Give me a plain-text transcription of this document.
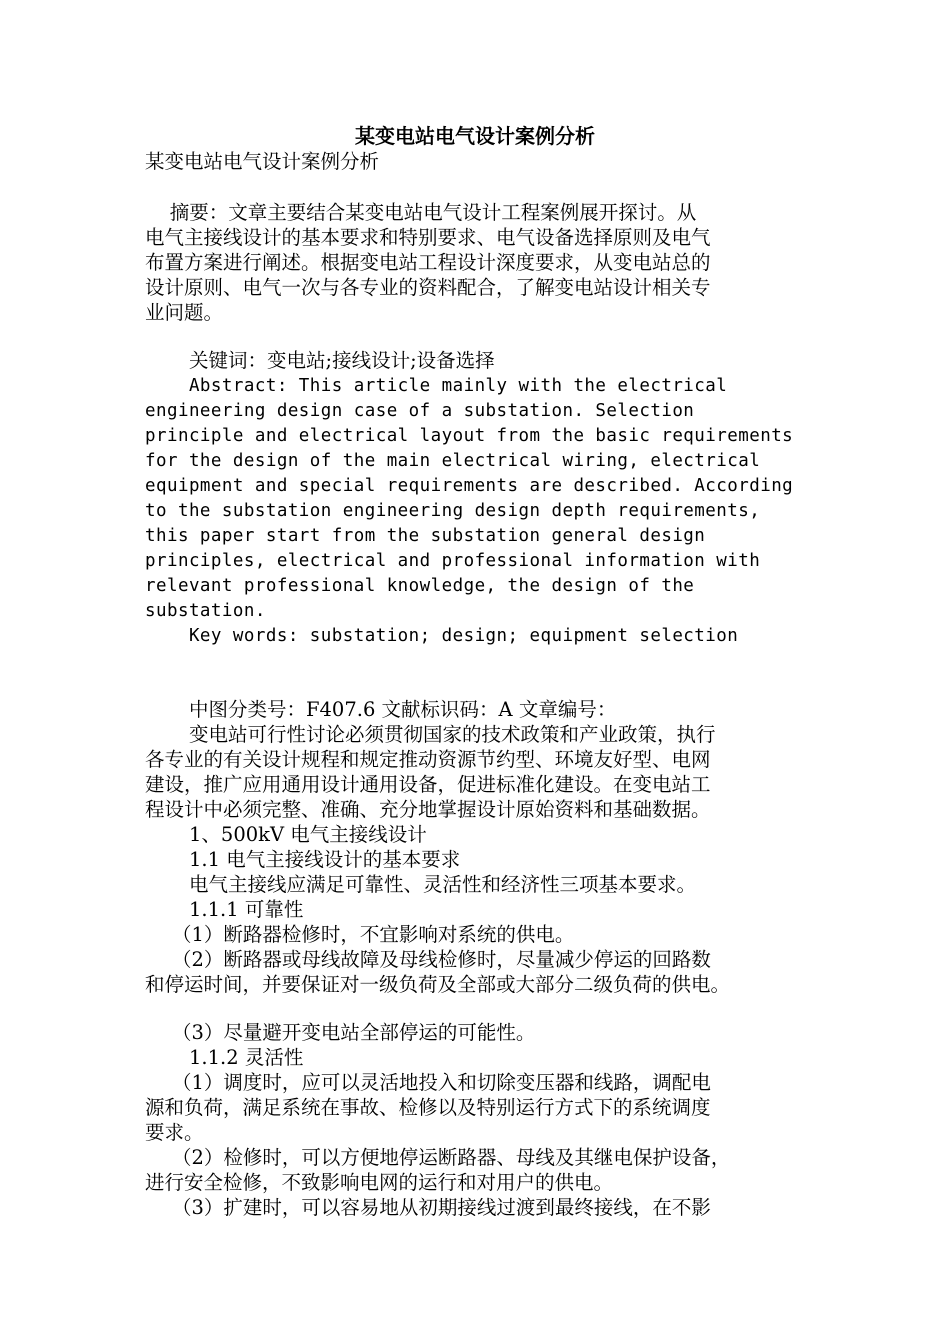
某变电站电气设计案例分析
某变电站电气设计案例分析
摘要：文章主要结合某变电站电气设计工程案例展开探讨。从
电气主接线设计的基本要求和特别要求、电气设备选择原则及电气
布置方案进行阐述。根据变电站工程设计深度要求，从变电站总的
设计原则、电气一次与各专业的资料配合，了解变电站设计相关专
业问题。
关键词：变电站;接线设计;设备选择
Abstract: This article mainly with the electrical
engineering design case of a substation. Selection
principle and electrical layout from the basic requirements
for the design of the main electrical wiring, electrical
equipment and special requirements are described. According
to the substation engineering design depth requirements,
this paper start from the substation general design
principles, electrical and professional information with
relevant professional knowledge, the design of the
substation.
Key words: substation; design; equipment selection
中图分类号：F407.6 文献标识码：A 文章编号：
变电站可行性讨论必须贯彻国家的技术政策和产业政策，执行
各专业的有关设计规程和规定推动资源节约型、环境友好型、电网
建设，推广应用通用设计通用设备，促进标准化建设。在变电站工
程设计中必须完整、准确、充分地掌握设计原始资料和基础数据。
1、500kV 电气主接线设计
1.1 电气主接线设计的基本要求
电气主接线应满足可靠性、灵活性和经济性三项基本要求。
1.1.1 可靠性
（1）断路器检修时，不宜影响对系统的供电。
（2）断路器或母线故障及母线检修时，尽量减少停运的回路数
和停运时间，并要保证对一级负荷及全部或大部分二级负荷的供电。
（3）尽量避开变电站全部停运的可能性。
1.1.2 灵活性
（1）调度时，应可以灵活地投入和切除变压器和线路，调配电
源和负荷，满足系统在事故、检修以及特别运行方式下的系统调度
要求。
（2）检修时，可以方便地停运断路器、母线及其继电保护设备，
进行安全检修，不致影响电网的运行和对用户的供电。
（3）扩建时，可以容易地从初期接线过渡到最终接线，在不影
